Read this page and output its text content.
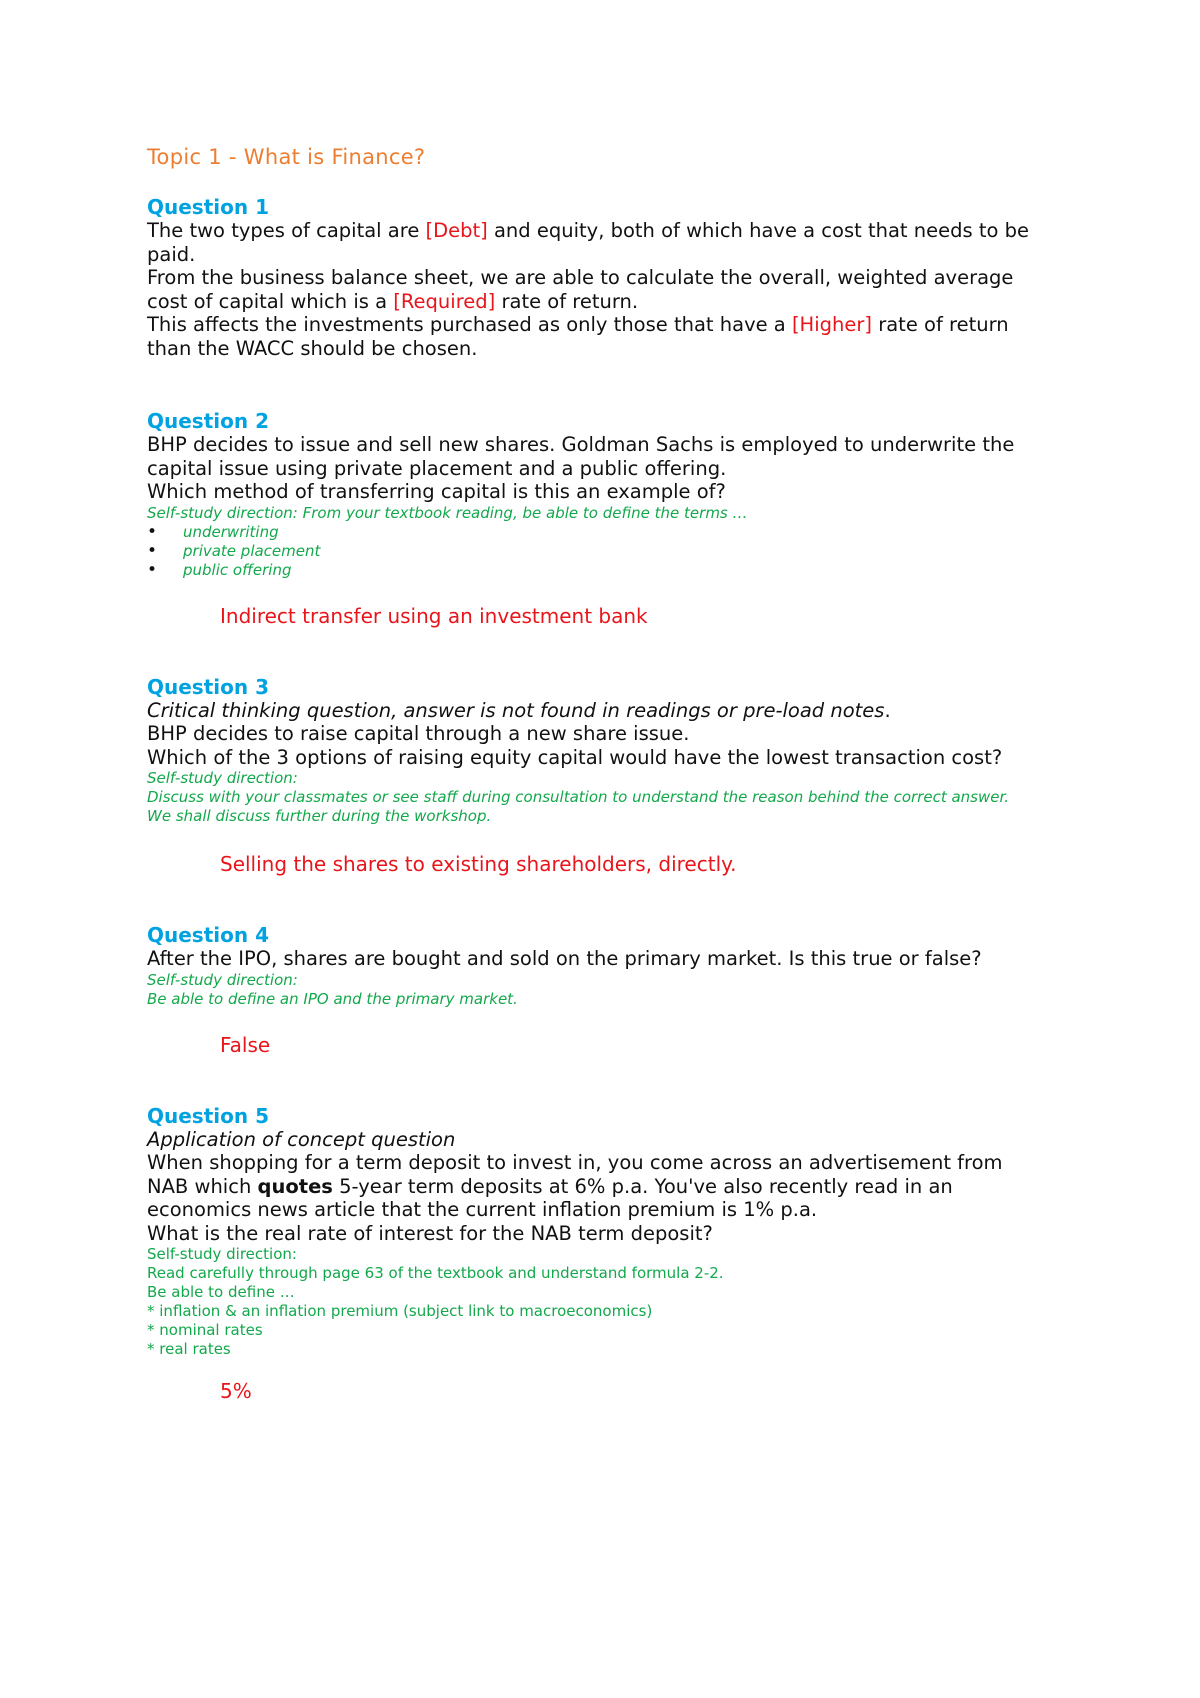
Topic 1 - What is Finance?
Question 1
The two types of capital are [Debt] and equity, both of which have a cost that needs to be paid.
From the business balance sheet, we are able to calculate the overall, weighted average cost of capital which is a [Required] rate of return.
This affects the investments purchased as only those that have a [Higher] rate of return than the WACC should be chosen.
Question 2
BHP decides to issue and sell new shares. Goldman Sachs is employed to underwrite the capital issue using private placement and a public offering.
Which method of transferring capital is this an example of?
Self-study direction: From your textbook reading, be able to define the terms …
• underwriting
• private placement
• public offering
Indirect transfer using an investment bank
Question 3
Critical thinking question, answer is not found in readings or pre-load notes.
BHP decides to raise capital through a new share issue.
Which of the 3 options of raising equity capital would have the lowest transaction cost?
Self-study direction:
Discuss with your classmates or see staff during consultation to understand the reason behind the correct answer.
We shall discuss further during the workshop.
Selling the shares to existing shareholders, directly.
Question 4
After the IPO, shares are bought and sold on the primary market. Is this true or false?
Self-study direction:
Be able to define an IPO and the primary market.
False
Question 5
Application of concept question
When shopping for a term deposit to invest in, you come across an advertisement from NAB which quotes 5-year term deposits at 6% p.a. You've also recently read in an economics news article that the current inflation premium is 1% p.a.
What is the real rate of interest for the NAB term deposit?
Self-study direction:
Read carefully through page 63 of the textbook and understand formula 2-2.
Be able to define …
* inflation & an inflation premium (subject link to macroeconomics)
* nominal rates
* real rates
5%
